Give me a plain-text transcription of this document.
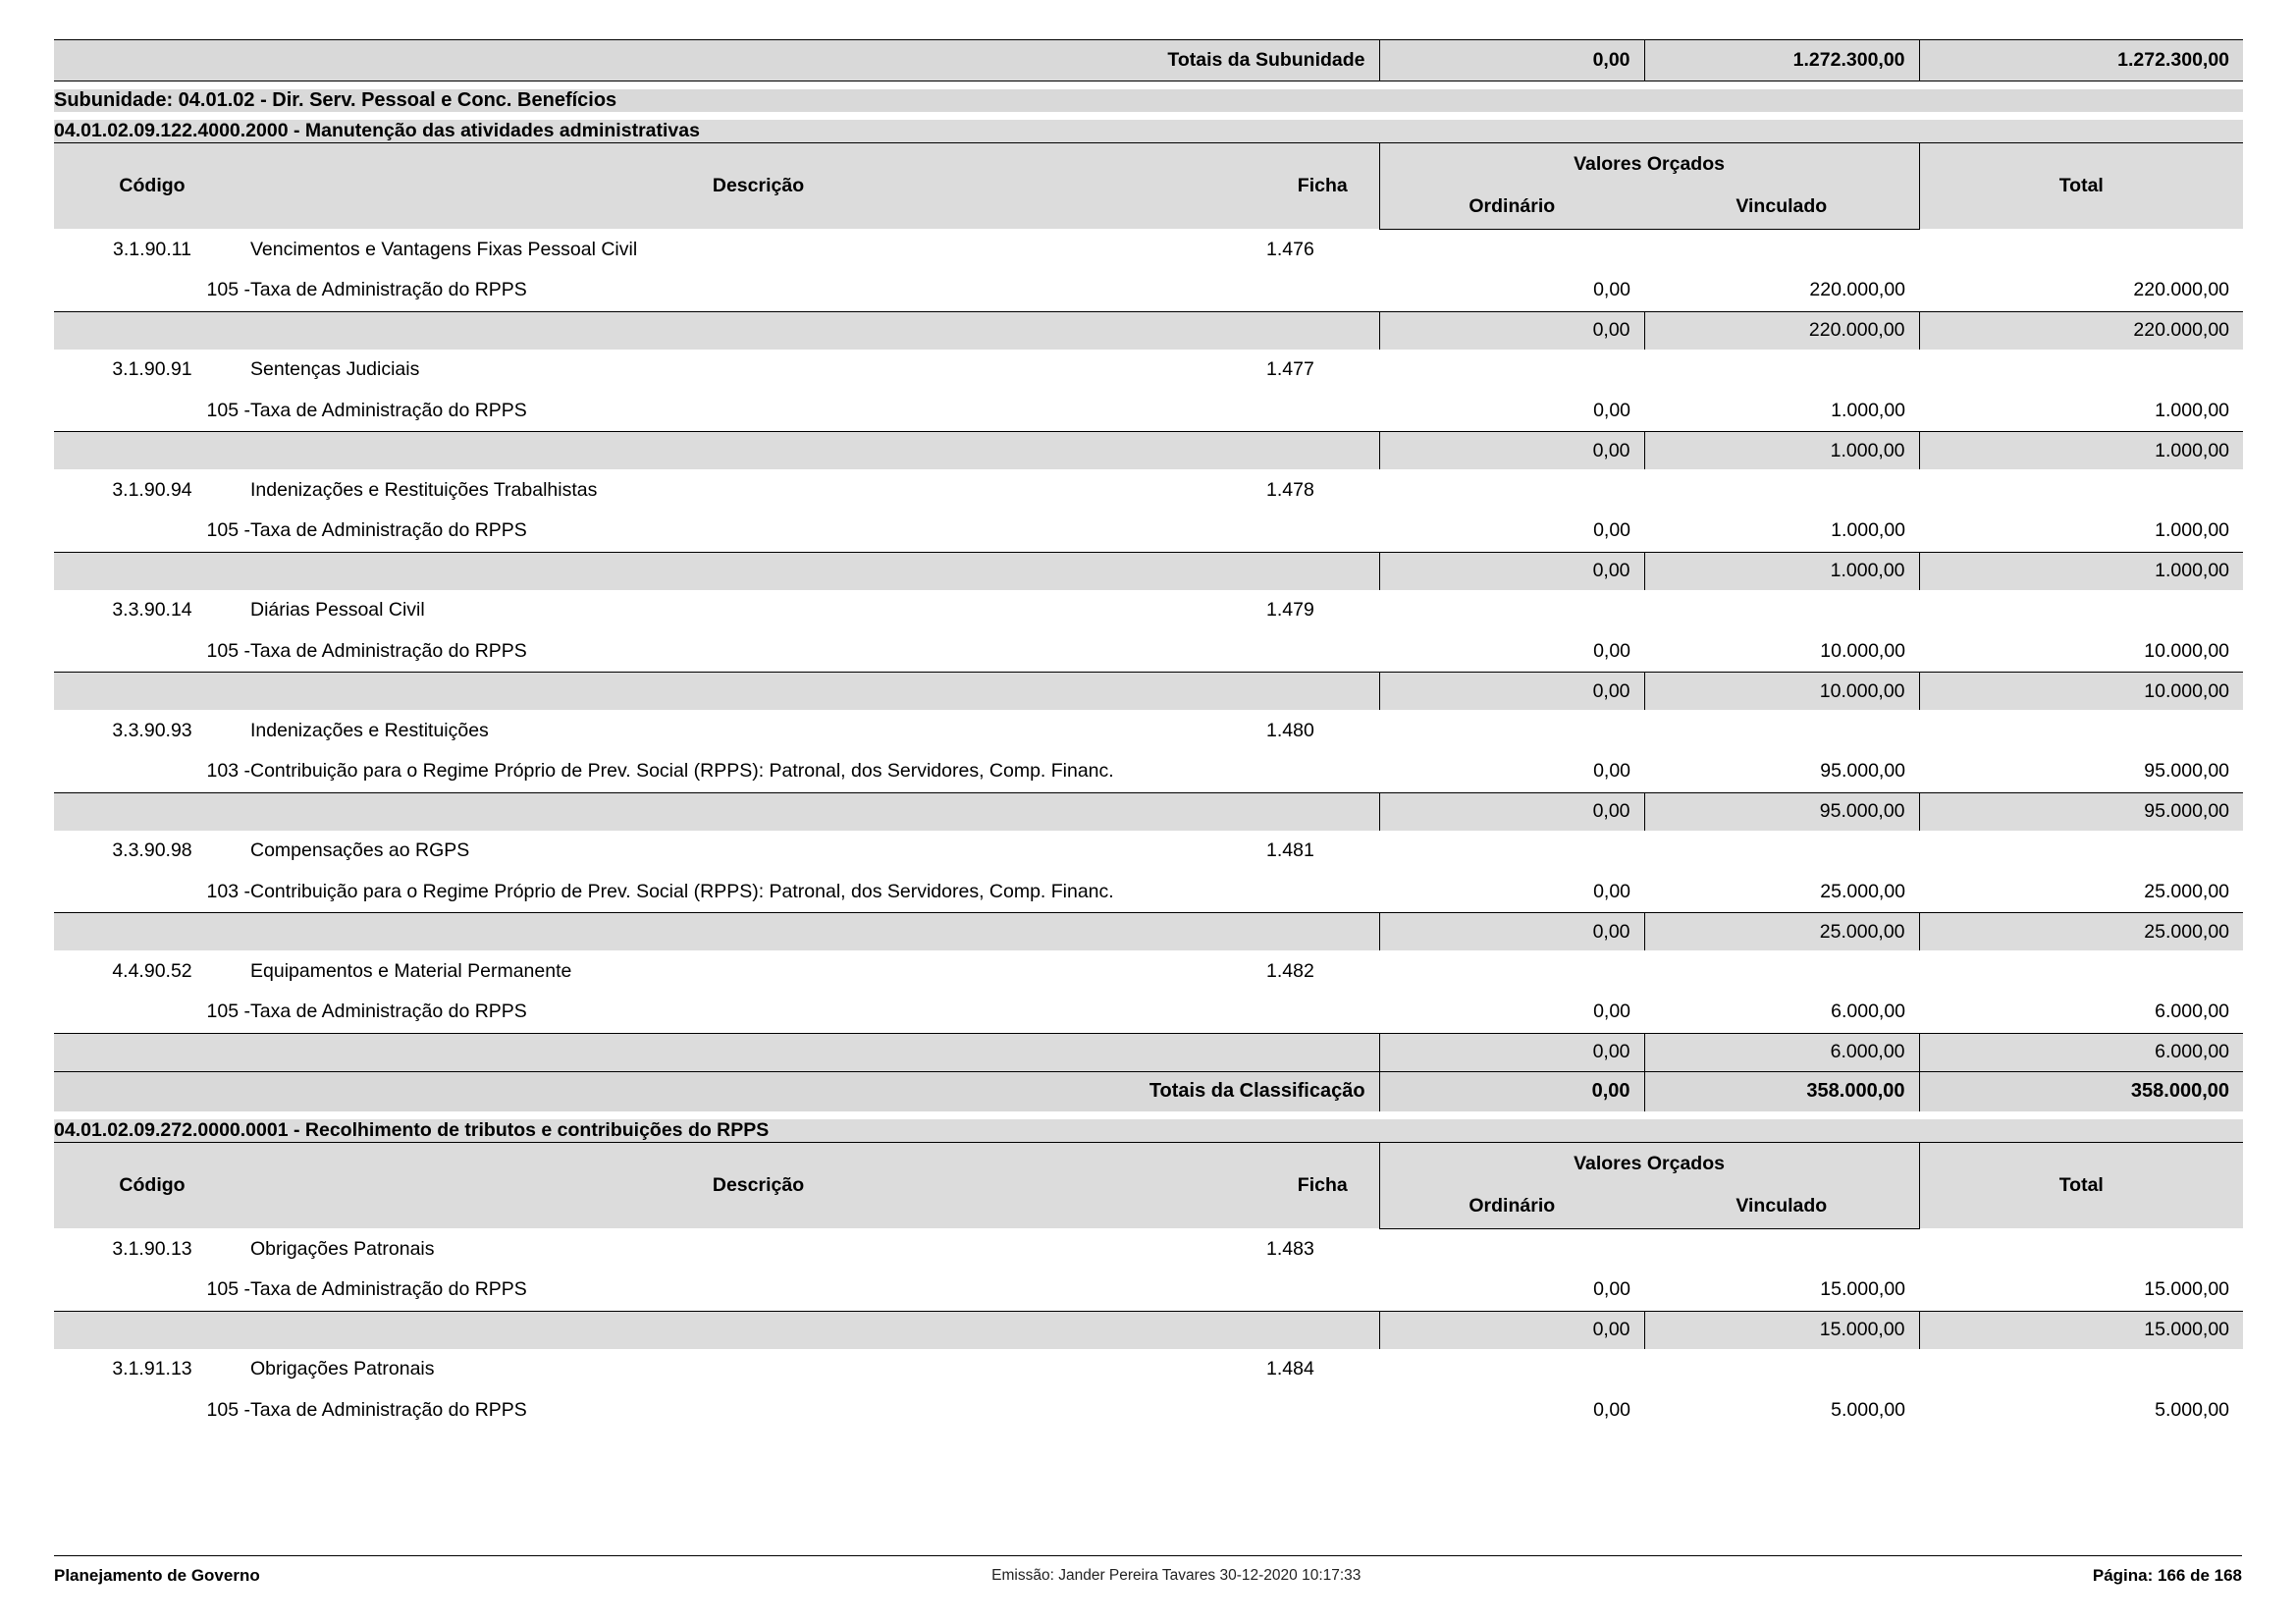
Totais da Subunidade			0,00	1.272.300,00	1.272.300,00

Subunidade: 04.01.02 - Dir. Serv. Pessoal e Conc. Benefícios					

04.01.02.09.122.4000.2000 - Manutenção das atividades administrativas					
Código	Descrição	Ficha	Valores Orçados		Total
			Ordinário	Vinculado	
3.1.90.11	Vencimentos e Vantagens Fixas Pessoal Civil	1.476			
105 -	Taxa de Administração do RPPS		0,00	220.000,00	220.000,00
			0,00	220.000,00	220.000,00
3.1.90.91	Sentenças Judiciais	1.477			
105 -	Taxa de Administração do RPPS		0,00	1.000,00	1.000,00
			0,00	1.000,00	1.000,00
3.1.90.94	Indenizações e Restituições Trabalhistas	1.478			
105 -	Taxa de Administração do RPPS		0,00	1.000,00	1.000,00
			0,00	1.000,00	1.000,00
3.3.90.14	Diárias Pessoal Civil	1.479			
105 -	Taxa de Administração do RPPS		0,00	10.000,00	10.000,00
			0,00	10.000,00	10.000,00
3.3.90.93	Indenizações e Restituições	1.480			
103 -	Contribuição para o Regime Próprio de Prev. Social (RPPS): Patronal, dos Servidores, Comp. Financ.		0,00	95.000,00	95.000,00
			0,00	95.000,00	95.000,00
3.3.90.98	Compensações ao RGPS	1.481			
103 -	Contribuição para o Regime Próprio de Prev. Social (RPPS): Patronal, dos Servidores, Comp. Financ.		0,00	25.000,00	25.000,00
			0,00	25.000,00	25.000,00
4.4.90.52	Equipamentos e Material Permanente	1.482			
105 -	Taxa de Administração do RPPS		0,00	6.000,00	6.000,00
			0,00	6.000,00	6.000,00
Totais da Classificação			0,00	358.000,00	358.000,00

04.01.02.09.272.0000.0001 - Recolhimento de tributos e contribuições do RPPS					
Código	Descrição	Ficha	Valores Orçados		Total
			Ordinário	Vinculado	
3.1.90.13	Obrigações Patronais	1.483			
105 -	Taxa de Administração do RPPS		0,00	15.000,00	15.000,00
			0,00	15.000,00	15.000,00
3.1.91.13	Obrigações Patronais	1.484			
105 -	Taxa de Administração do RPPS		0,00	5.000,00	5.000,00
Planejamento de Governo	Emissão: Jander Pereira Tavares 30-12-2020 10:17:33	Página: 166 de 168
